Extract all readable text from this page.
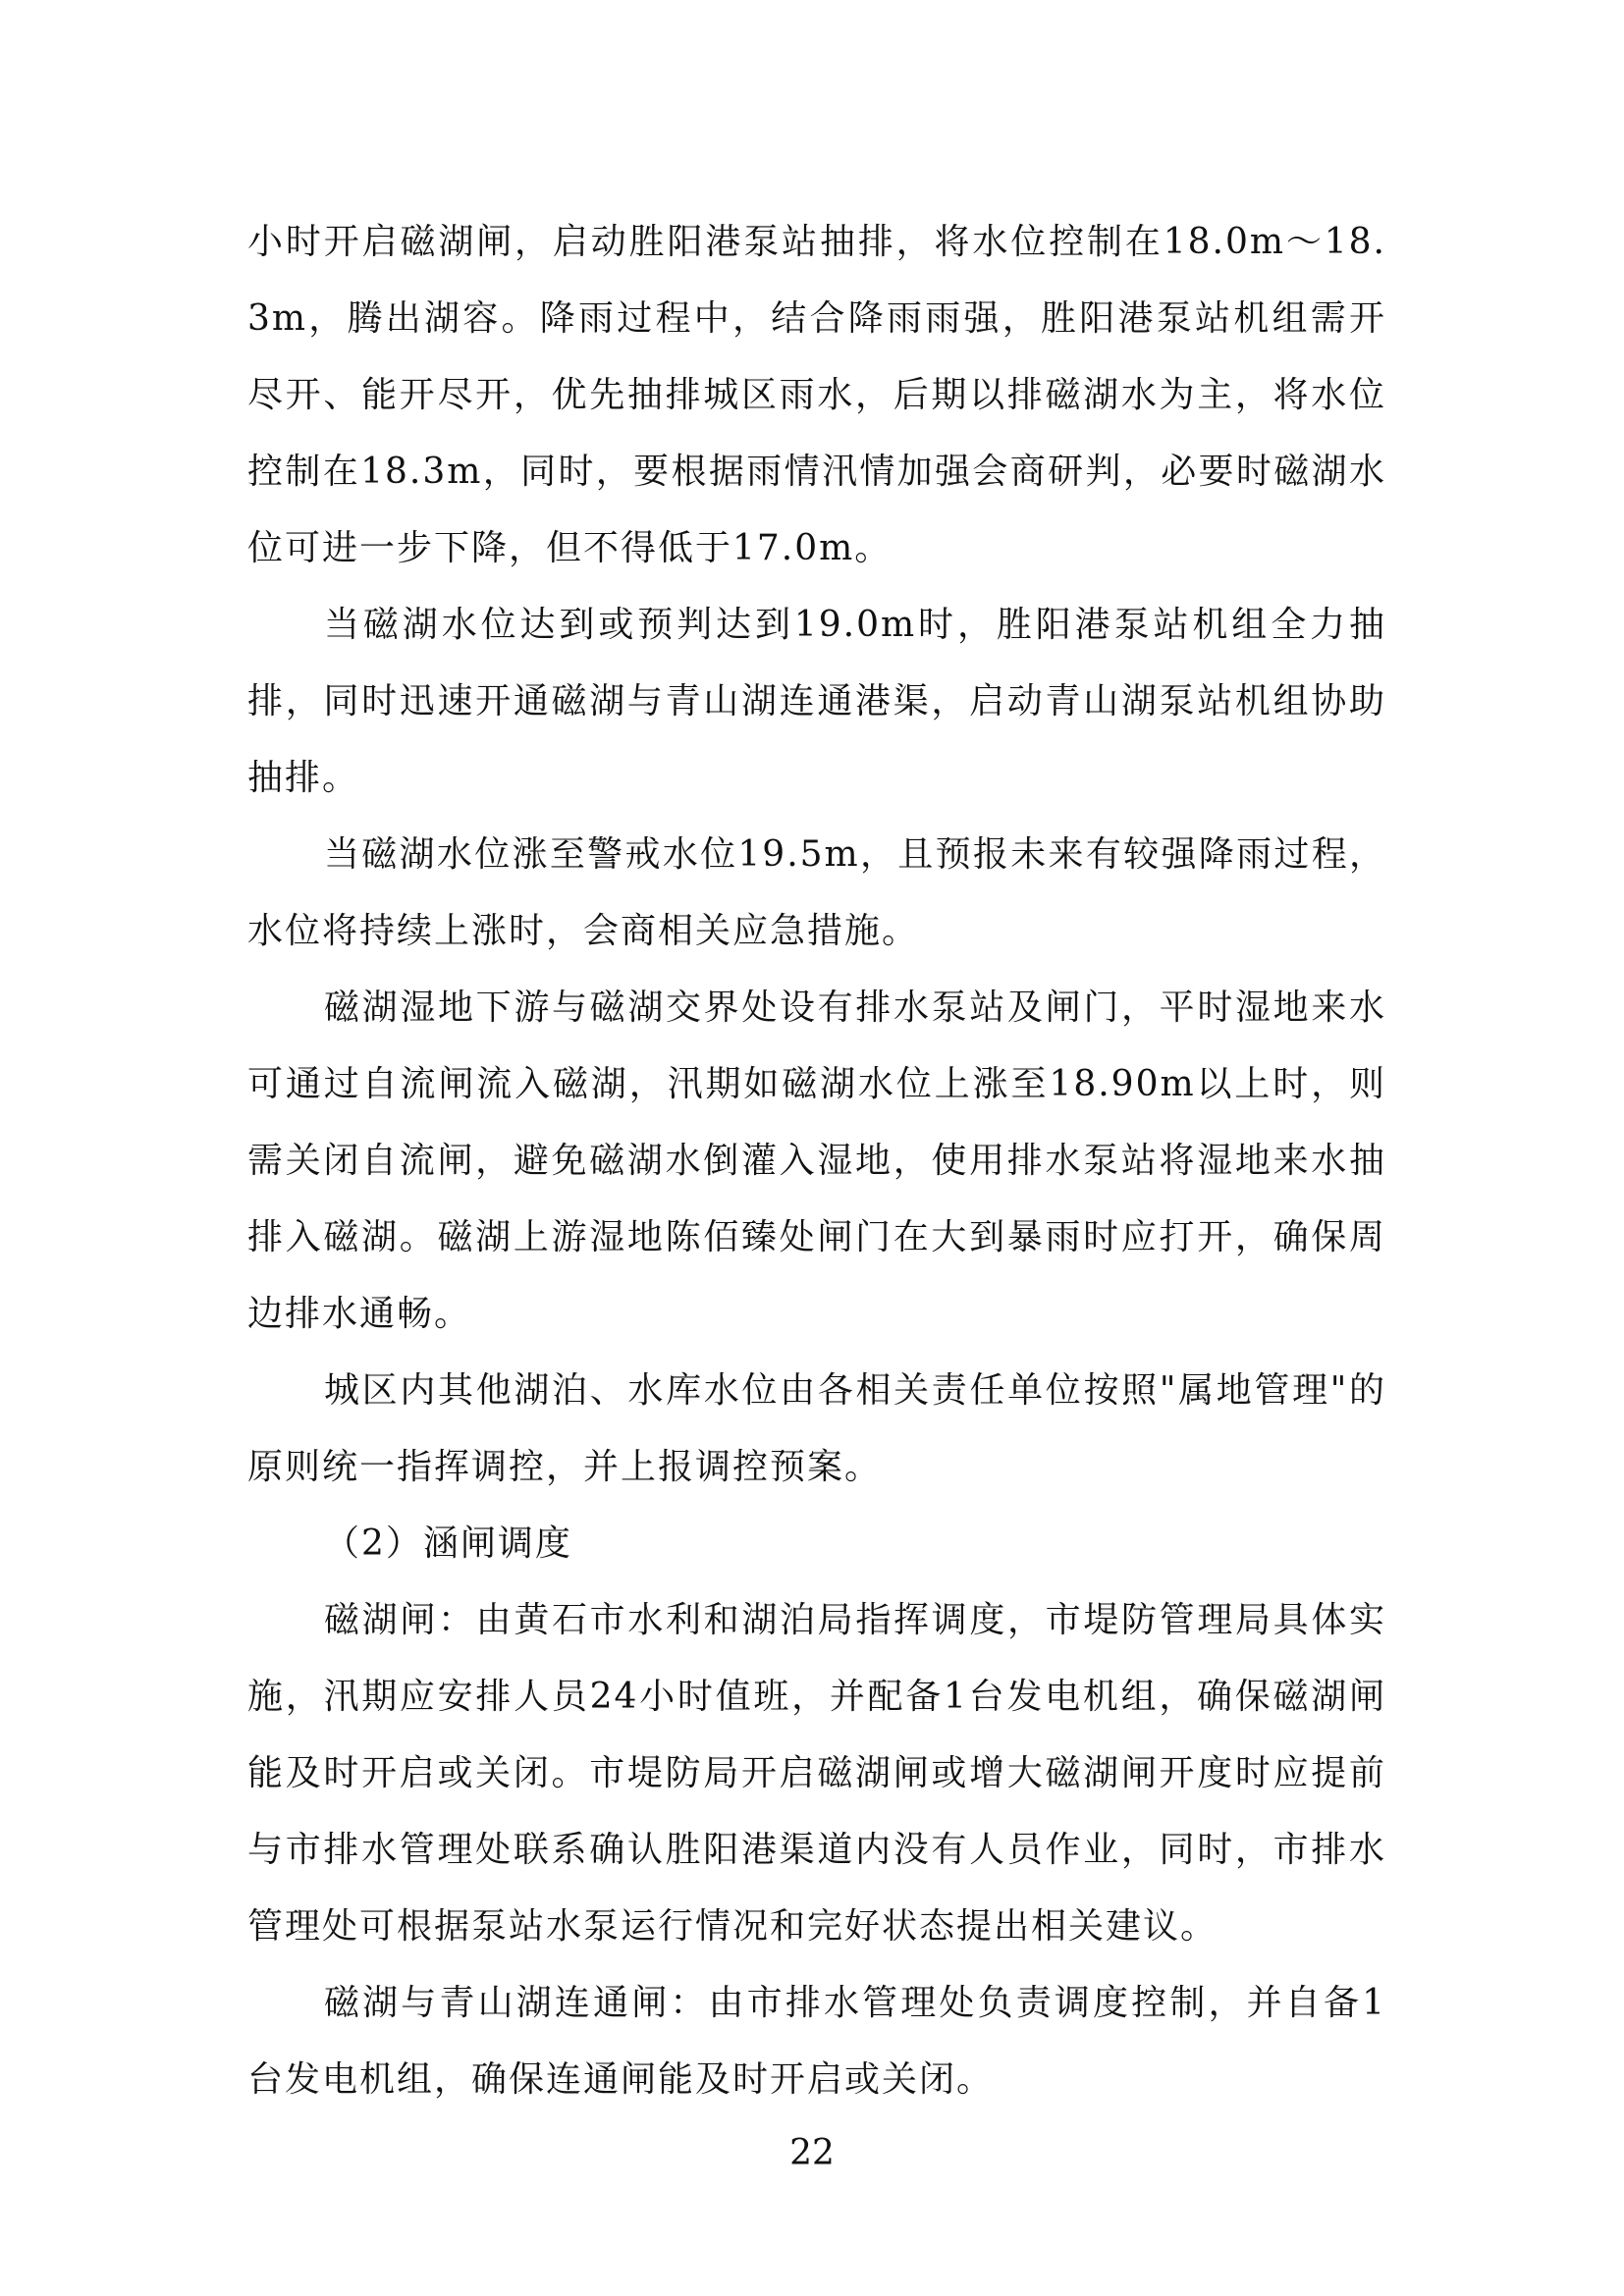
小时开启磁湖闸，启动胜阳港泵站抽排，将水位控制在18.0m～18.3m，腾出湖容。降雨过程中，结合降雨雨强，胜阳港泵站机组需开尽开、能开尽开，优先抽排城区雨水，后期以排磁湖水为主，将水位控制在18.3m，同时，要根据雨情汛情加强会商研判，必要时磁湖水位可进一步下降，但不得低于17.0m。

当磁湖水位达到或预判达到19.0m时，胜阳港泵站机组全力抽排，同时迅速开通磁湖与青山湖连通港渠，启动青山湖泵站机组协助抽排。

当磁湖水位涨至警戒水位19.5m，且预报未来有较强降雨过程，水位将持续上涨时，会商相关应急措施。

磁湖湿地下游与磁湖交界处设有排水泵站及闸门，平时湿地来水可通过自流闸流入磁湖，汛期如磁湖水位上涨至18.90m以上时，则需关闭自流闸，避免磁湖水倒灌入湿地，使用排水泵站将湿地来水抽排入磁湖。磁湖上游湿地陈佰臻处闸门在大到暴雨时应打开，确保周边排水通畅。

城区内其他湖泊、水库水位由各相关责任单位按照"属地管理"的原则统一指挥调控，并上报调控预案。

（2）涵闸调度

磁湖闸：由黄石市水利和湖泊局指挥调度，市堤防管理局具体实施，汛期应安排人员24小时值班，并配备1台发电机组，确保磁湖闸能及时开启或关闭。市堤防局开启磁湖闸或增大磁湖闸开度时应提前与市排水管理处联系确认胜阳港渠道内没有人员作业，同时，市排水管理处可根据泵站水泵运行情况和完好状态提出相关建议。

磁湖与青山湖连通闸：由市排水管理处负责调度控制，并自备1台发电机组，确保连通闸能及时开启或关闭。

22
